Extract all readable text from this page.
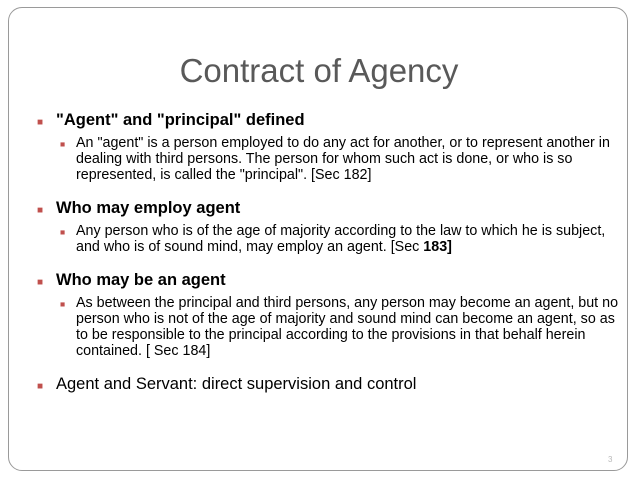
Contract of Agency
■ "Agent" and "principal" defined
■ An "agent" is a person employed to do any act for another, or to represent another in dealing with third persons. The person for whom such act is done, or who is so represented, is called the "principal". [Sec 182]
■ Who may employ agent
■ Any person who is of the age of majority according to the law to which he is subject, and who is of sound mind, may employ an agent. [Sec 183]
■ Who may be an agent
■ As between the principal and third persons, any person may become an agent, but no person who is not of the age of majority and sound mind can become an agent, so as to be responsible to the principal according to the provisions in that behalf herein contained. [ Sec 184]
■ Agent and Servant: direct supervision and control
3
